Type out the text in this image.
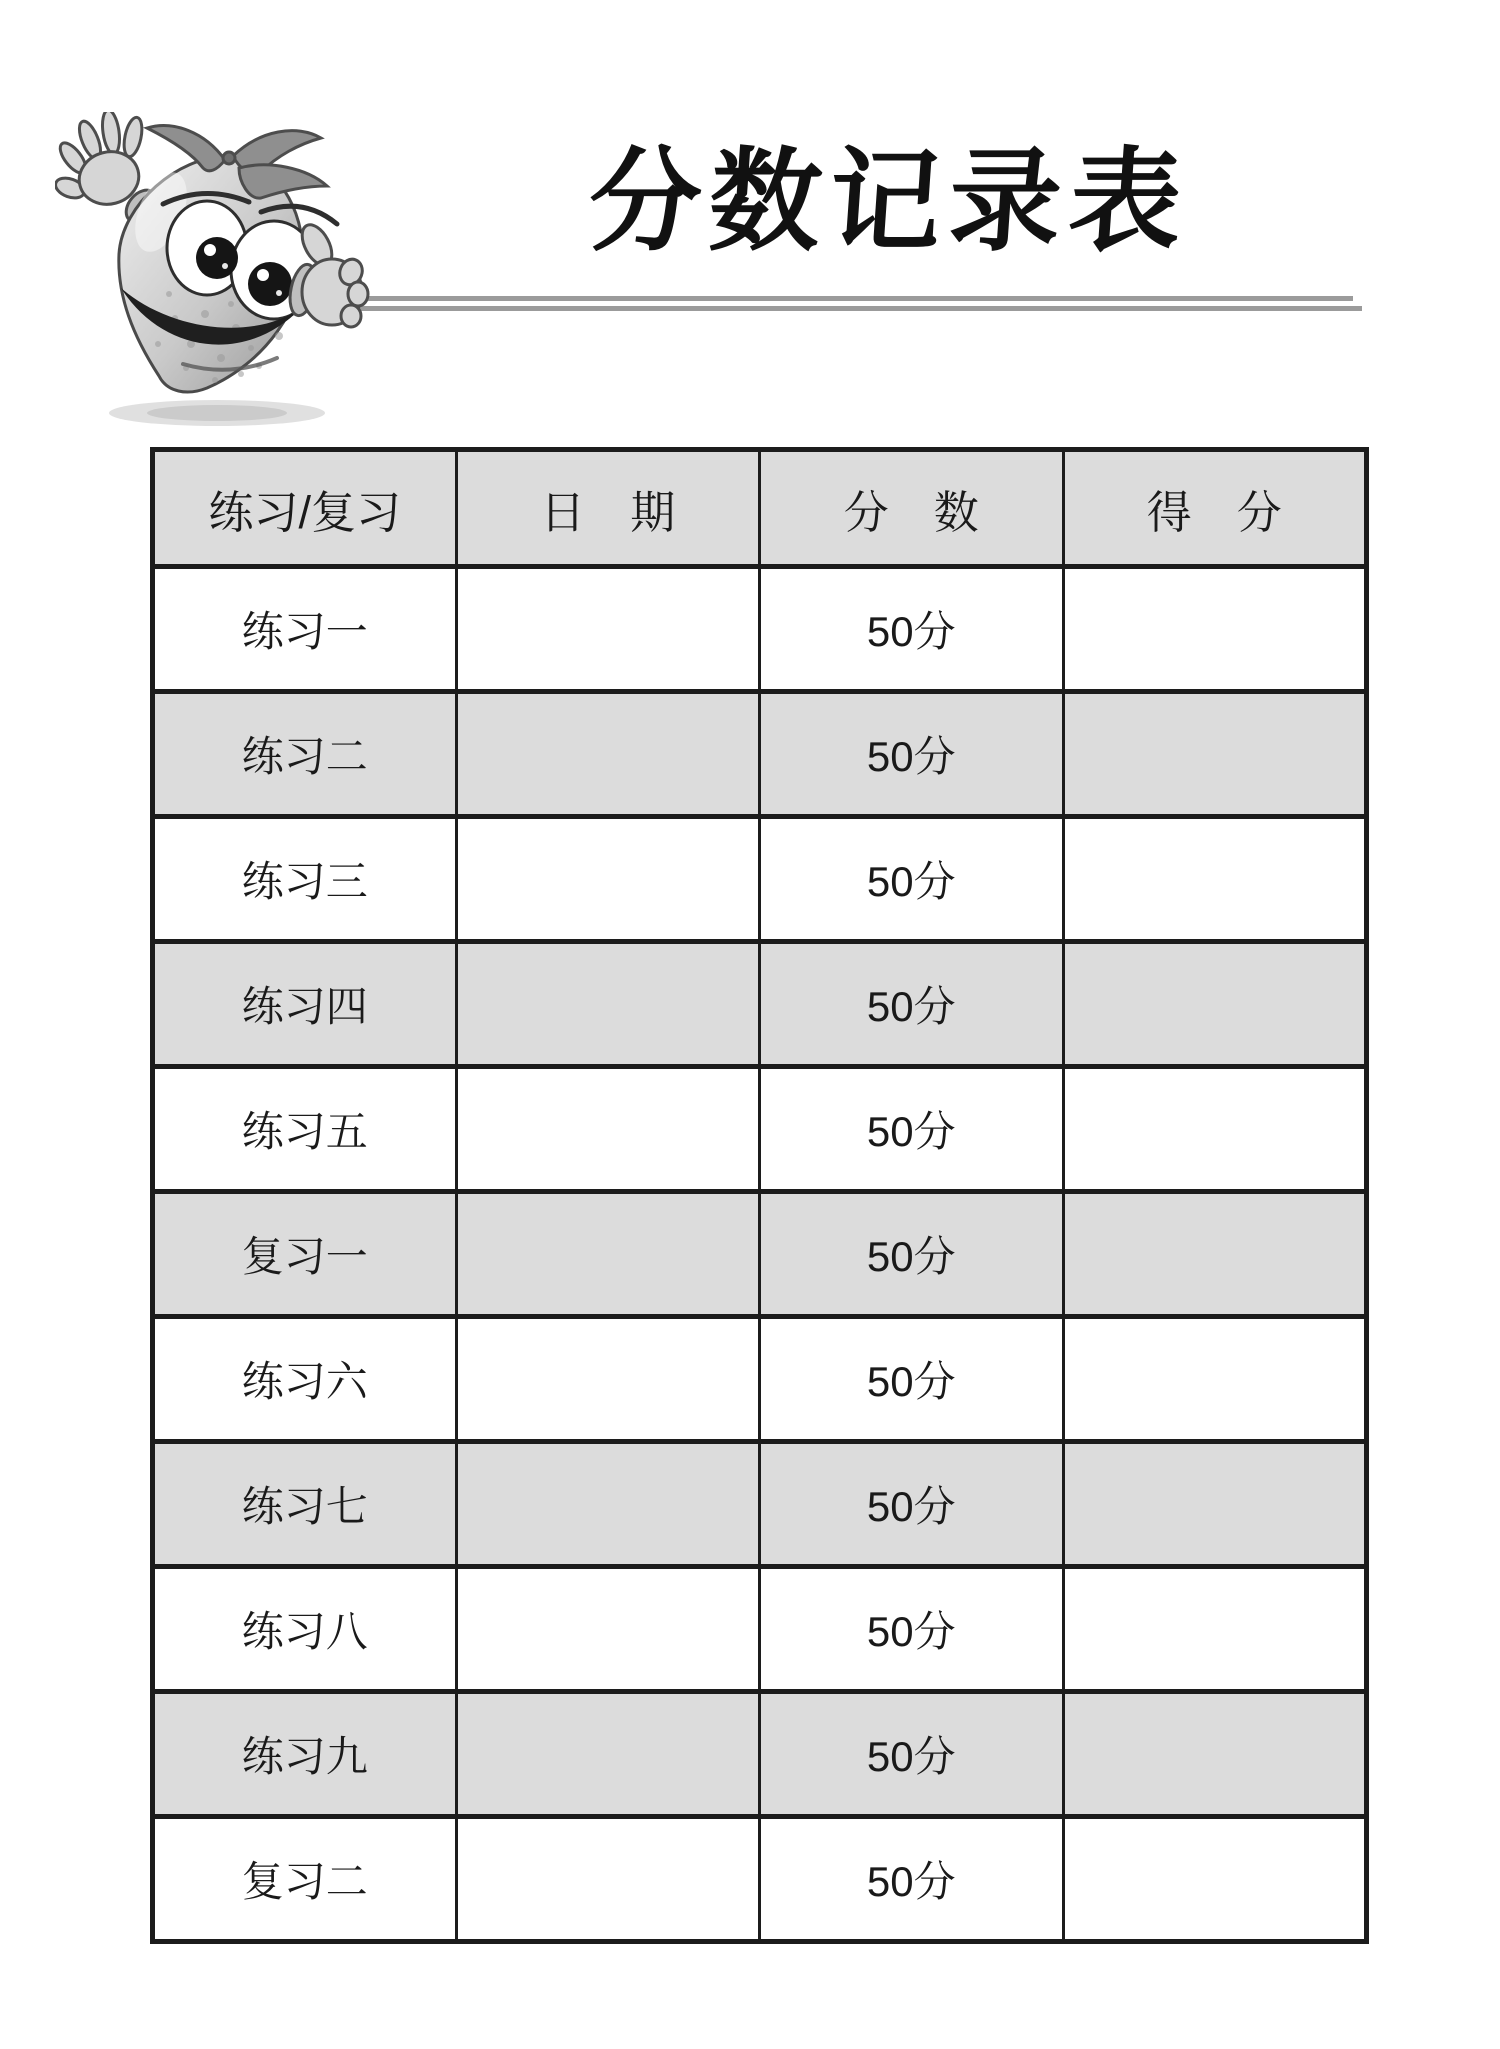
分数记录表
练习/复习	日　期	分　数	得　分
练习一		50分	
练习二		50分	
练习三		50分	
练习四		50分	
练习五		50分	
复习一		50分	
练习六		50分	
练习七		50分	
练习八		50分	
练习九		50分	
复习二		50分	
